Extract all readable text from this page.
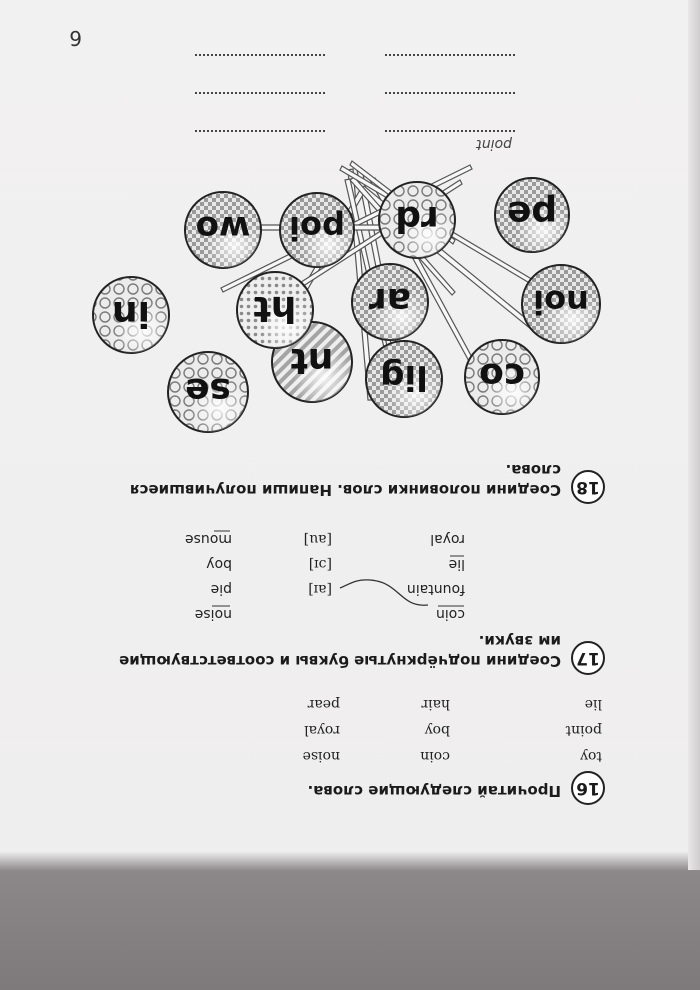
16
Прочитай следующие слова.
toy
coin
noise
point
boy
royal
lie
hair
pear
17
Соедини подчёркнутые буквы и соответствующие
им звуки.
coin
fountain
lie
royal
[aɪ]
[ɔɪ]
[au]
noise
pie
boy
mouse
18
Соедини половинки слов. Напиши получившиеся
слова.
co
lig
nt
se
noi
ar
ht
in
pe
rd
poi
wo
point
6
